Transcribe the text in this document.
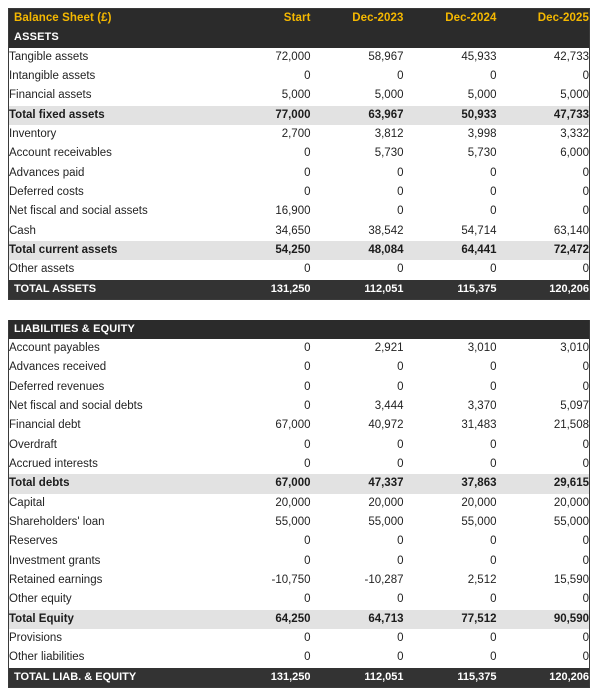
Balance Sheet (£)	Start	Dec-2023	Dec-2024	Dec-2025
ASSETS				
Tangible assets	72,000	58,967	45,933	42,733
Intangible assets	0	0	0	0
Financial assets	5,000	5,000	5,000	5,000
Total fixed assets	77,000	63,967	50,933	47,733
Inventory	2,700	3,812	3,998	3,332
Account receivables	0	5,730	5,730	6,000
Advances paid	0	0	0	0
Deferred costs	0	0	0	0
Net fiscal and social assets	16,900	0	0	0
Cash	34,650	38,542	54,714	63,140
Total current assets	54,250	48,084	64,441	72,472
Other assets	0	0	0	0
TOTAL ASSETS	131,250	112,051	115,375	120,206

LIABILITIES & EQUITY				
Account payables	0	2,921	3,010	3,010
Advances received	0	0	0	0
Deferred revenues	0	0	0	0
Net fiscal and social debts	0	3,444	3,370	5,097
Financial debt	67,000	40,972	31,483	21,508
Overdraft	0	0	0	0
Accrued interests	0	0	0	0
Total debts	67,000	47,337	37,863	29,615
Capital	20,000	20,000	20,000	20,000
Shareholders' loan	55,000	55,000	55,000	55,000
Reserves	0	0	0	0
Investment grants	0	0	0	0
Retained earnings	-10,750	-10,287	2,512	15,590
Other equity	0	0	0	0
Total Equity	64,250	64,713	77,512	90,590
Provisions	0	0	0	0
Other liabilities	0	0	0	0
TOTAL LIAB. & EQUITY	131,250	112,051	115,375	120,206
